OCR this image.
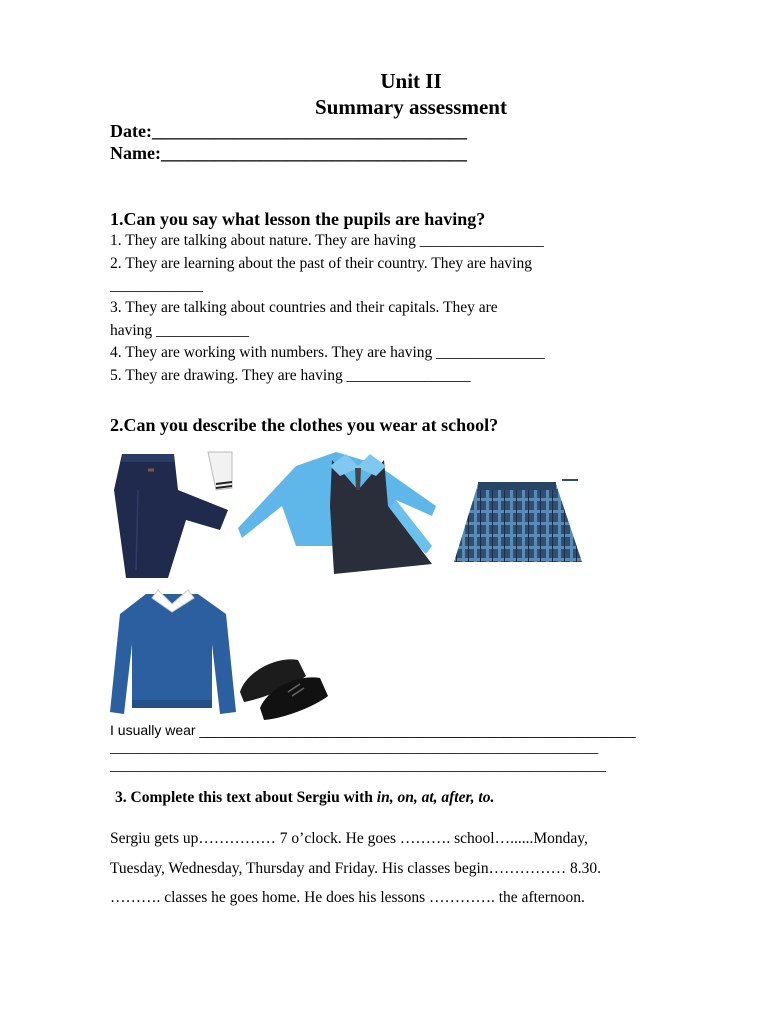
Unit II
Summary assessment
Date:___________________________________
Name:__________________________________
1.Can you say what lesson the pupils are having?
1. They are talking about nature. They are having ________________
2. They are learning about the past of their country. They are having
____________
3. They are talking about countries and their capitals. They are
having ____________
4. They are working with numbers. They are having ______________
5. They are drawing. They are having ________________
2.Can you describe the clothes you wear at school?
I usually wear ________________________________________________________
_______________________________________________________________
________________________________________________________________
3. Complete this text about Sergiu with in, on, at, after, to.
Sergiu gets up…………… 7 o’clock. He goes ………. school…......Monday,
Tuesday, Wednesday, Thursday and Friday. His classes begin…………… 8.30.
………. classes he goes home. He does his lessons …………. the afternoon.
